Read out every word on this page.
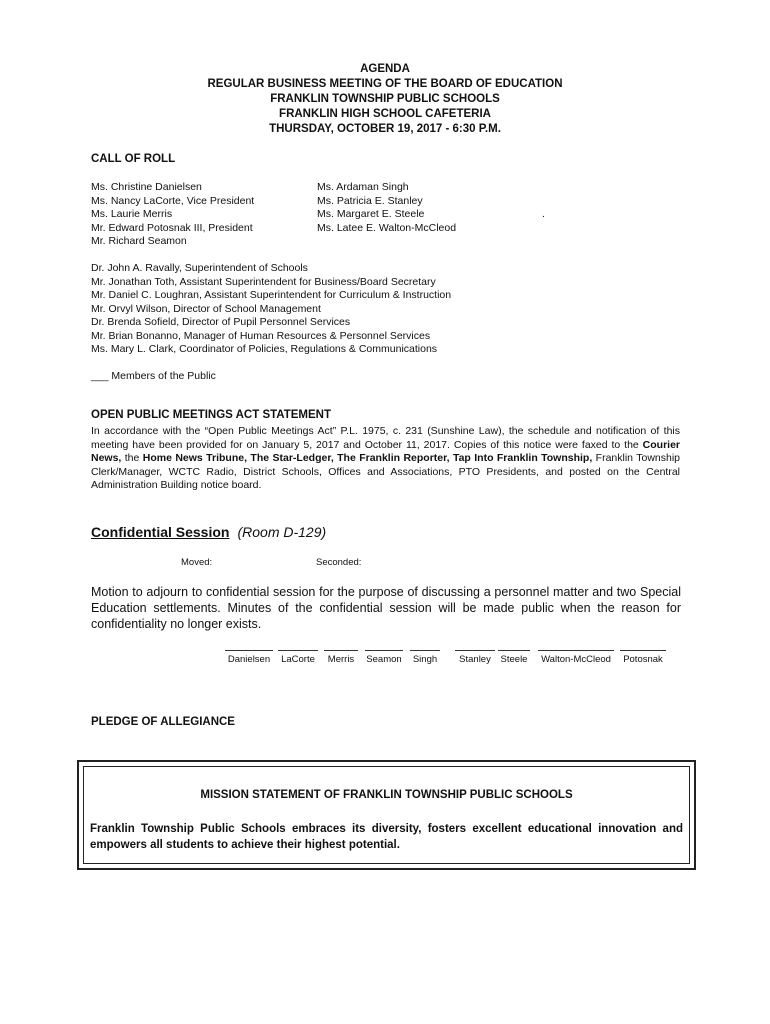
AGENDA
REGULAR BUSINESS MEETING OF THE BOARD OF EDUCATION
FRANKLIN TOWNSHIP PUBLIC SCHOOLS
FRANKLIN HIGH SCHOOL CAFETERIA
THURSDAY, OCTOBER 19, 2017 - 6:30 P.M.
CALL OF ROLL
Ms. Christine Danielsen
Ms. Nancy LaCorte, Vice President
Ms. Laurie Merris
Mr. Edward Potosnak III, President
Mr. Richard Seamon
Ms. Ardaman Singh
Ms. Patricia E. Stanley
Ms. Margaret E. Steele
Ms. Latee E. Walton-McCleod
.
Dr. John A. Ravally, Superintendent of Schools
Mr. Jonathan Toth, Assistant Superintendent for Business/Board Secretary
Mr. Daniel C. Loughran, Assistant Superintendent for Curriculum & Instruction
Mr. Orvyl Wilson, Director of School Management
Dr. Brenda Sofield, Director of Pupil Personnel Services
Mr. Brian Bonanno, Manager of Human Resources & Personnel Services
Ms. Mary L. Clark, Coordinator of Policies, Regulations & Communications
___ Members of the Public
OPEN PUBLIC MEETINGS ACT STATEMENT
In accordance with the “Open Public Meetings Act” P.L. 1975, c. 231 (Sunshine Law), the schedule and notification of this meeting have been provided for on January 5, 2017 and October 11, 2017. Copies of this notice were faxed to the Courier News, the Home News Tribune, The Star-Ledger, The Franklin Reporter, Tap Into Franklin Township, Franklin Township Clerk/Manager, WCTC Radio, District Schools, Offices and Associations, PTO Presidents, and posted on the Central Administration Building notice board.
Confidential Session (Room D-129)
Moved:	Seconded:
Motion to adjourn to confidential session for the purpose of discussing a personnel matter and two Special Education settlements. Minutes of the confidential session will be made public when the reason for confidentiality no longer exists.
Danielsen	LaCorte	Merris	Seamon Singh	Stanley	Steele	Walton-McCleod	Potosnak
PLEDGE OF ALLEGIANCE
MISSION STATEMENT OF FRANKLIN TOWNSHIP PUBLIC SCHOOLS
Franklin Township Public Schools embraces its diversity, fosters excellent educational innovation and empowers all students to achieve their highest potential.
